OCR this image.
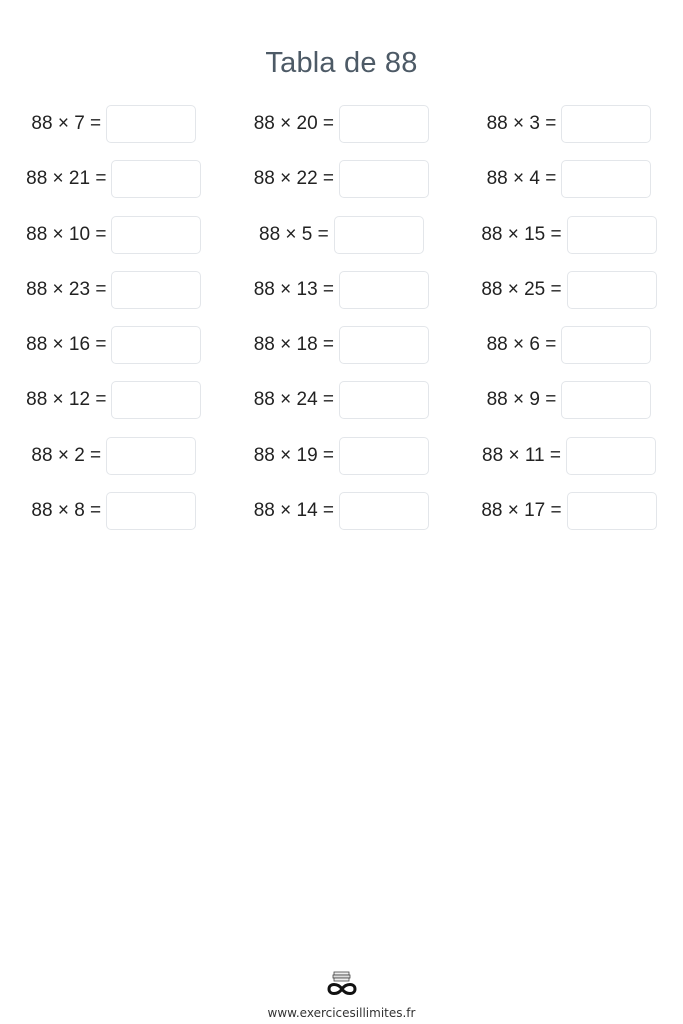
Tabla de 88
88 × 7 =	88 × 20 =	88 × 3 =
88 × 21 =	88 × 22 =	88 × 4 =
88 × 10 =	88 × 5 =	88 × 15 =
88 × 23 =	88 × 13 =	88 × 25 =
88 × 16 =	88 × 18 =	88 × 6 =
88 × 12 =	88 × 24 =	88 × 9 =
88 × 2 =	88 × 19 =	88 × 11 =
88 × 8 =	88 × 14 =	88 × 17 =
www.exercicesillimites.fr
